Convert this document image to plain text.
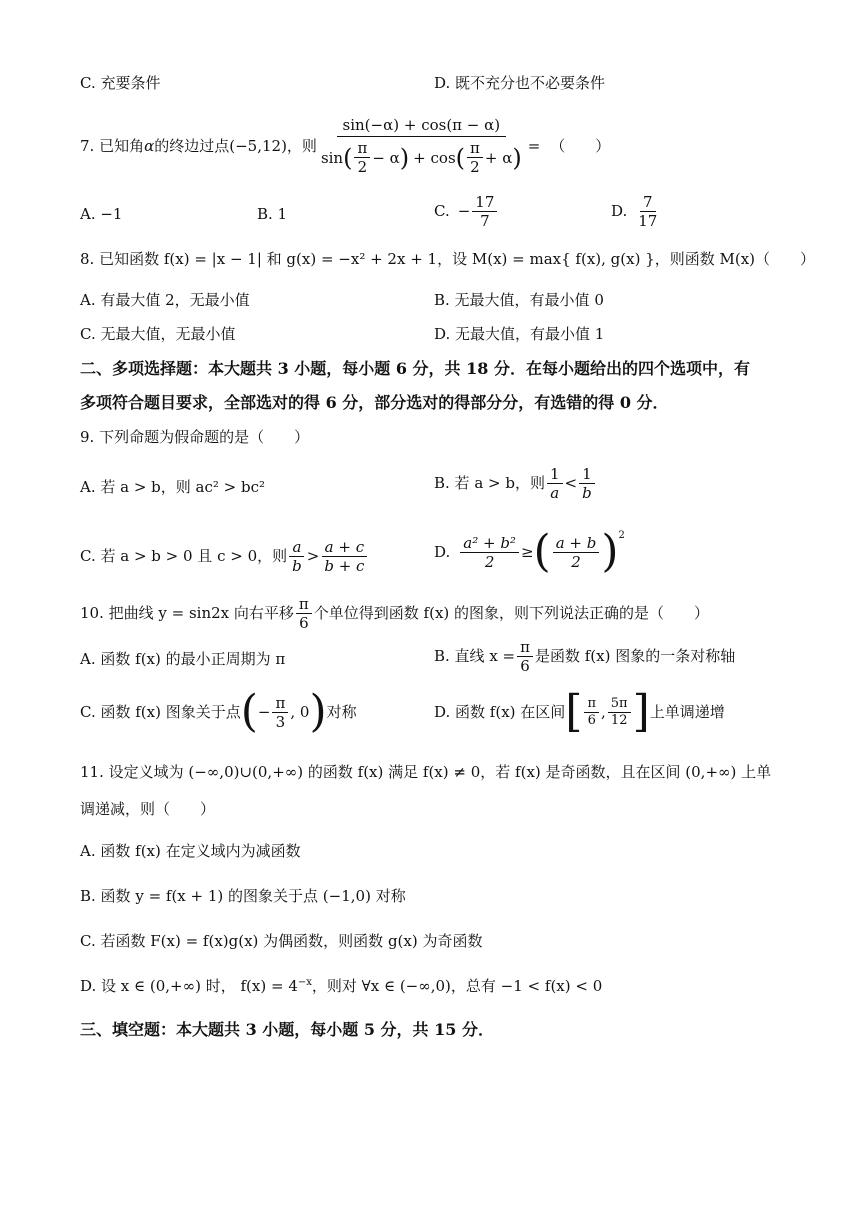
C. 充要条件	D. 既不充分也不必要条件
7. 已知角 α 的终边过点 (−5,12) ，则
sin(−α) + cos(π − α)
sin ( $\frac{\pi}{2} - \alpha$ ) + cos ( $\frac{\pi}{2} + \alpha$ ) = （　　）
A. −1	B. 1	C. − $\frac{17}{7}$	D. $\frac{7}{17}$
8. 已知函数 f(x) = |x − 1| 和 g(x) = −x² + 2x + 1，设 M(x) = max{ f(x), g(x) }，则函数 M(x)（　　）
A. 有最大值 2，无最小值	B. 无最大值，有最小值 0
C. 无最大值，无最小值	D. 无最大值，有最小值 1
二、多项选择题：本大题共 3 小题，每小题 6 分，共 18 分．在每小题给出的四个选项中，有
多项符合题目要求，全部选对的得 6 分，部分选对的得部分分，有选错的得 0 分．
9. 下列命题为假命题的是（　　）
A. 若 a > b，则 ac² > bc²	B. 若 a > b，则 $\frac{1}{a} < \frac{1}{b}$
C. 若 a > b > 0 且 c > 0，则 $\frac{a}{b} > \frac{a + c}{b + c}$	D. $\frac{\text{a² + b²}}{2}$ ≥ ( $\frac{a + b}{2} )^2$
10. 把曲线 y = sin2x 向右平移 $\frac{\pi}{6}$ 个单位得到函数 f(x) 的图象，则下列说法正确的是（　　）
A. 函数 f(x) 的最小正周期为 π	B. 直线 $x = \frac{\pi}{6}$ 是函数 f(x) 图象的一条对称轴
C. 函数 f(x) 图象关于点 ( − $\frac{\pi}{3}$ , 0 ) 对称	D. 函数 f(x) 在区间 [ $\frac{\pi}{6}$ , $\frac{5\pi}{12}$ ] 上单调递增
11. 设定义域为 (−∞,0)∪(0,+∞) 的函数 f(x) 满足 f(x) ≠ 0，若 f(x) 是奇函数，且在区间 (0,+∞) 上单
调递减，则（　　）
A. 函数 f(x) 在定义域内为减函数
B. 函数 y = f(x + 1) 的图象关于点 (−1,0) 对称
C. 若函数 F(x) = f(x)g(x) 为偶函数，则函数 g(x) 为奇函数
D. 设 x ∈ (0,+∞) 时， $f(x) = 4^{-x}$，则对 ∀x ∈ (−∞,0)，总有 −1 < f(x) < 0
三、填空题：本大题共 3 小题，每小题 5 分，共 15 分．
